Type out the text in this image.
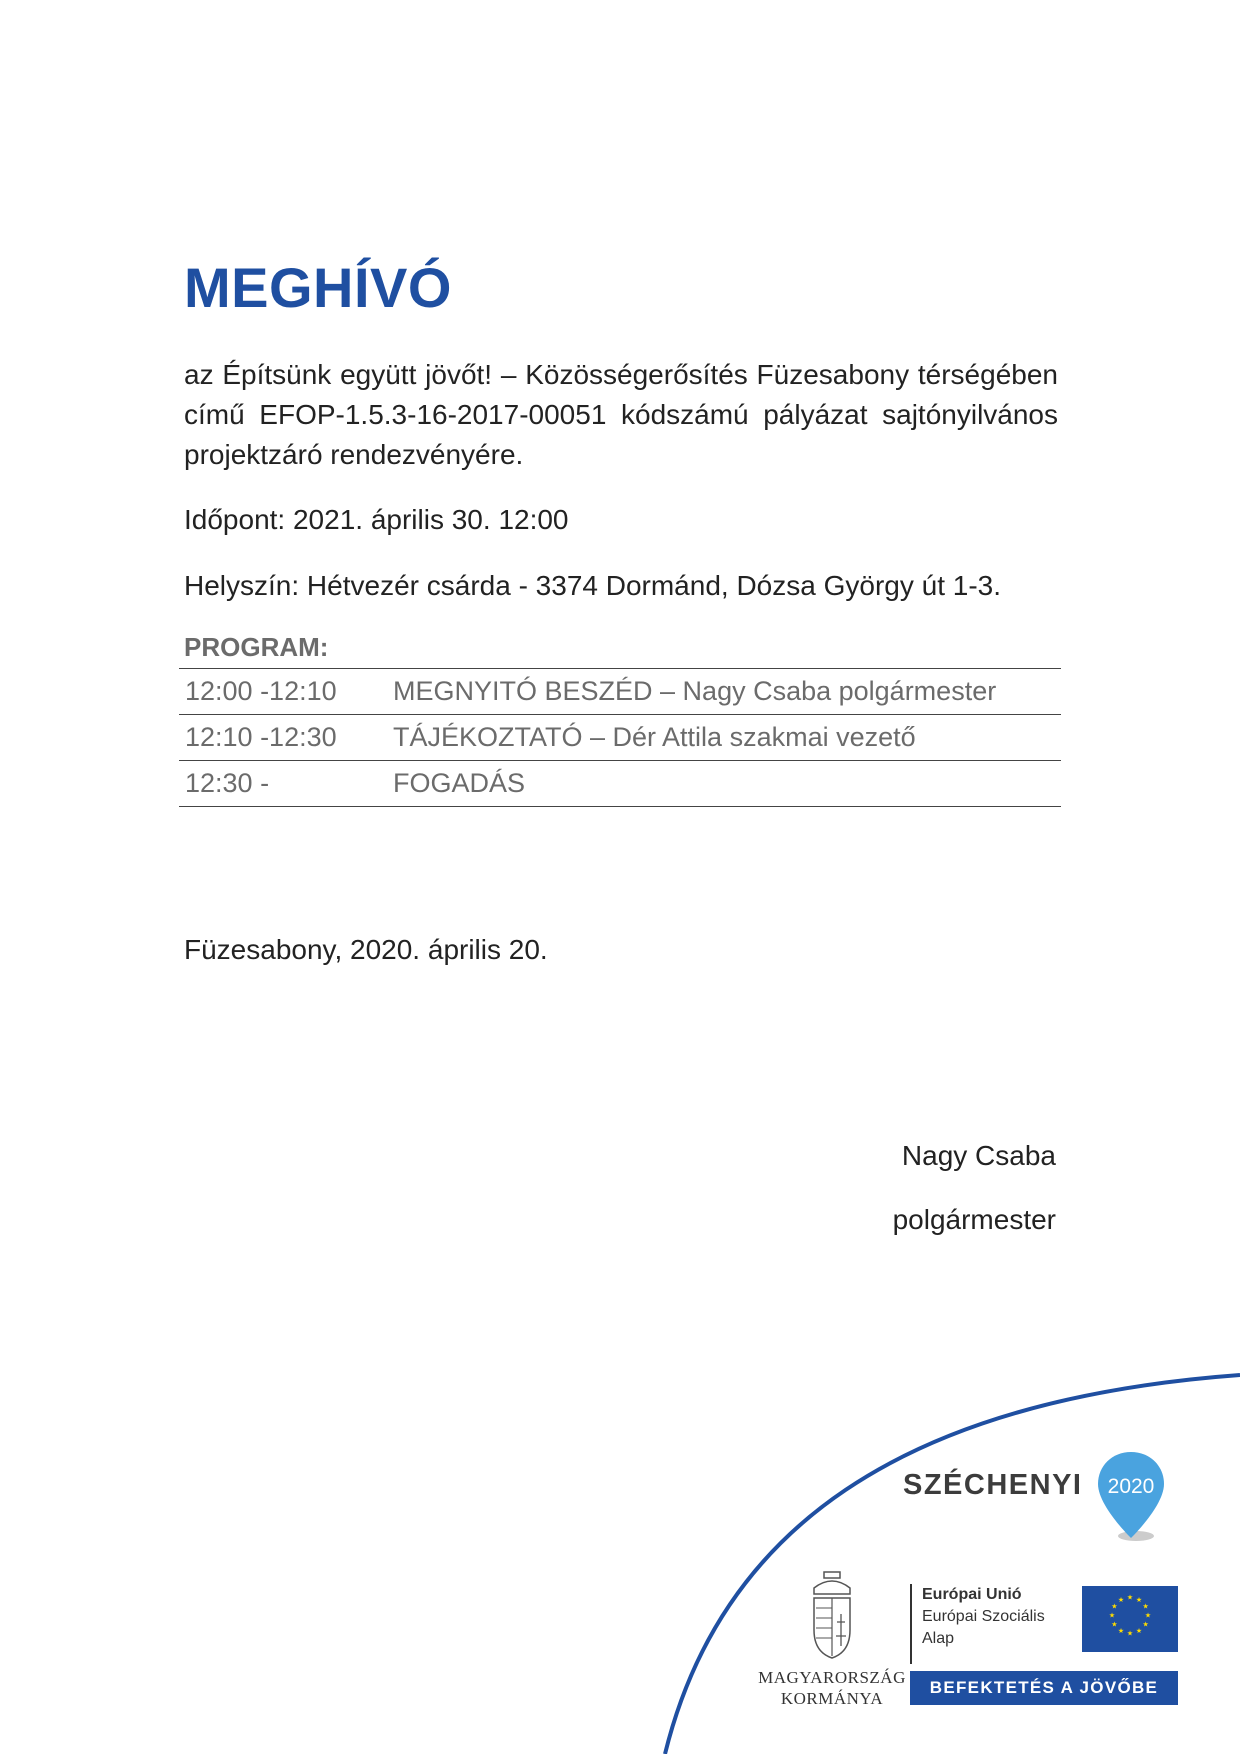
MEGHÍVÓ
az Építsünk együtt jövőt! – Közösségerősítés Füzesabony térségében című EFOP-1.5.3-16-2017-00051 kódszámú pályázat sajtónyilvános projektzáró rendezvényére.
Időpont: 2021. április 30. 12:00
Helyszín: Hétvezér csárda - 3374 Dormánd, Dózsa György út 1-3.
PROGRAM:
12:00 -12:10	MEGNYITÓ BESZÉD – Nagy Csaba polgármester
12:10 -12:30	TÁJÉKOZTATÓ – Dér Attila szakmai vezető
12:30 -	FOGADÁS
Füzesabony, 2020. április 20.
Nagy Csaba
polgármester
SZÉCHENYI 2020
MAGYARORSZÁG
KORMÁNYA
Európai Unió
Európai Szociális
Alap
★ ★
★
★
★
★
★
★
★
★
★
★
BEFEKTETÉS A JÖVŐBE
